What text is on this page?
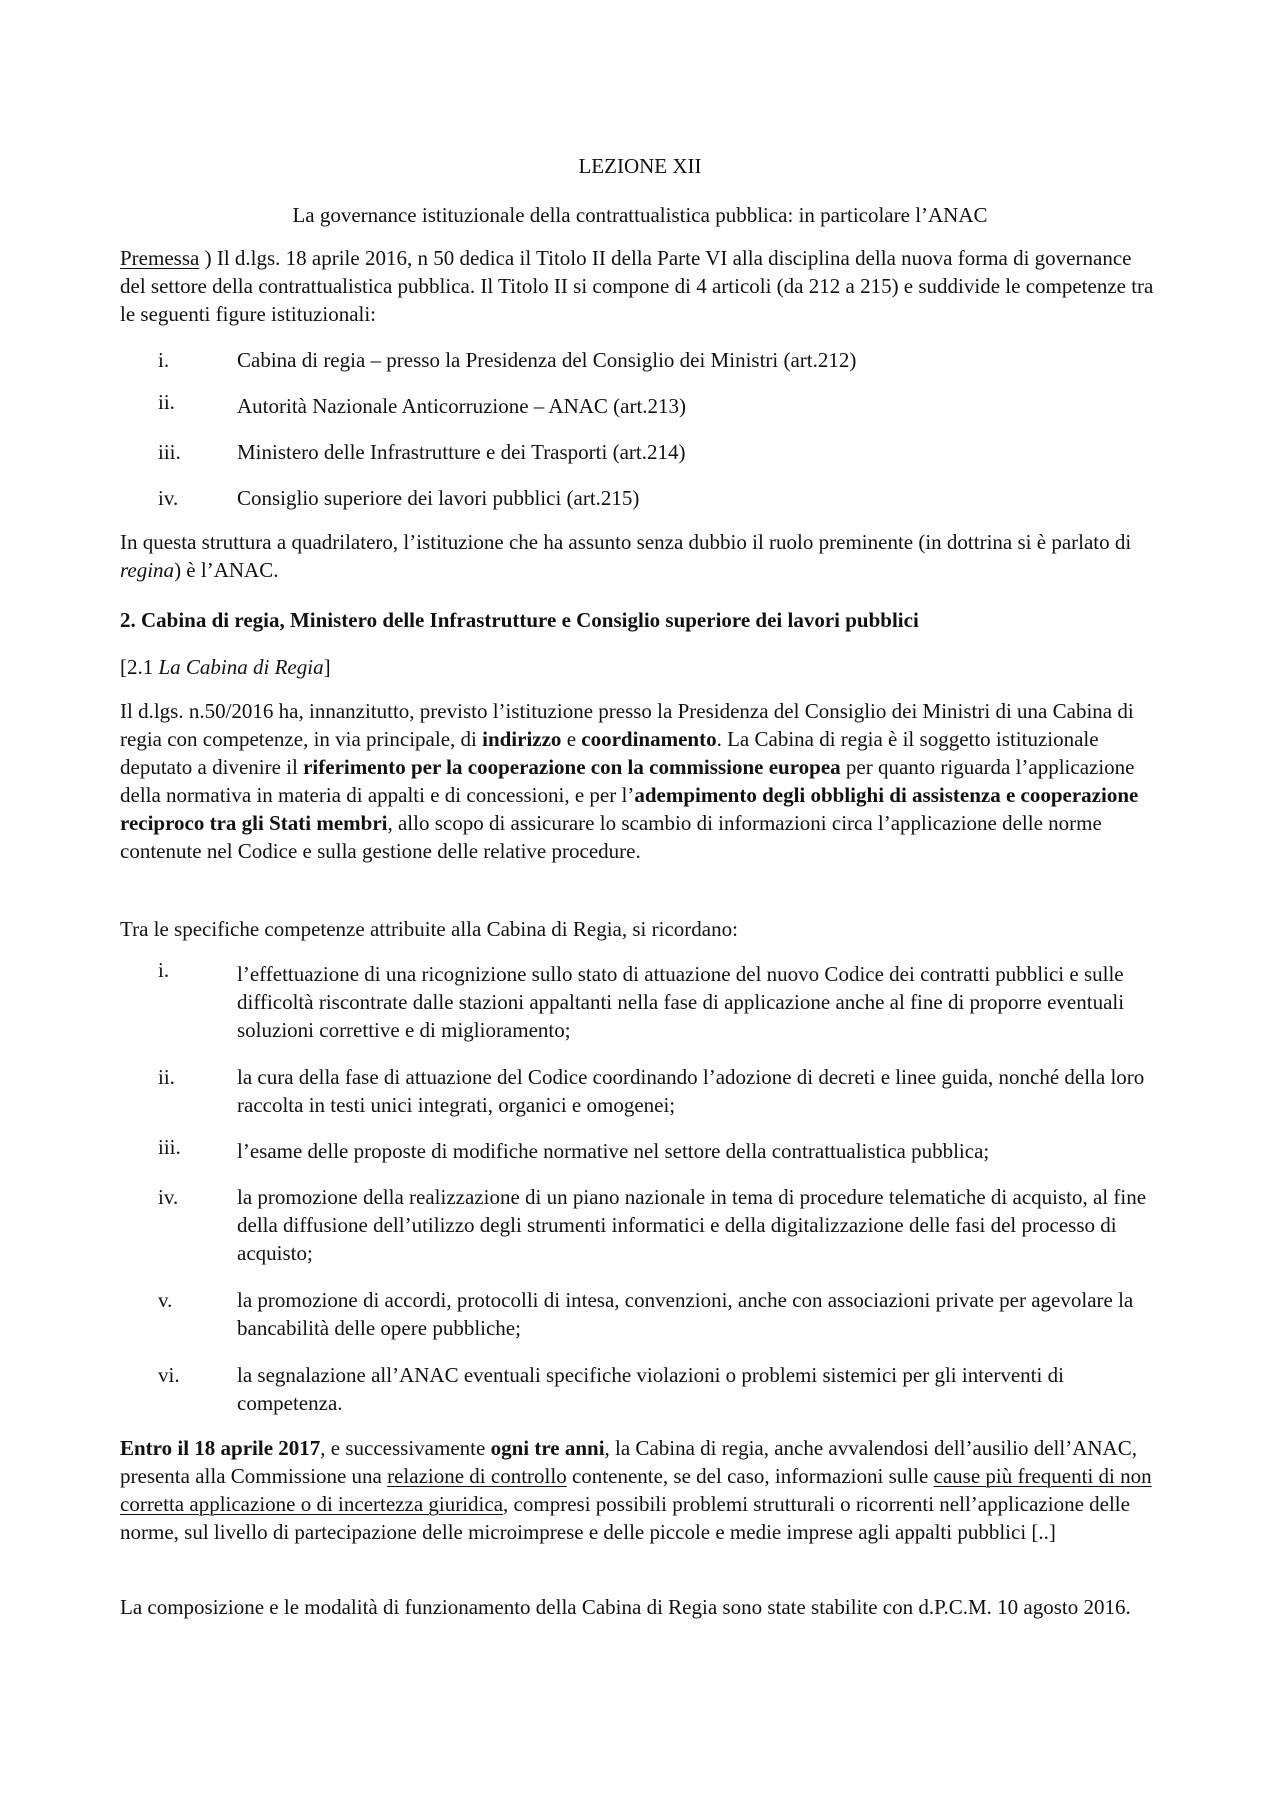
LEZIONE XII
La governance istituzionale della contrattualistica pubblica: in particolare l’ANAC

Premessa ) Il d.lgs. 18 aprile 2016, n 50 dedica il Titolo II della Parte VI alla disciplina della nuova forma di governance del settore della contrattualistica pubblica. Il Titolo II si compone di 4 articoli (da 212 a 215) e suddivide le competenze tra le seguenti figure istituzionali:

i.	Cabina di regia – presso la Presidenza del Consiglio dei Ministri (art.212)
ii.	Autorità Nazionale Anticorruzione – ANAC (art.213)
iii.	Ministero delle Infrastrutture e dei Trasporti (art.214)
iv.	Consiglio superiore dei lavori pubblici (art.215)

In questa struttura a quadrilatero, l’istituzione che ha assunto senza dubbio il ruolo preminente (in dottrina si è parlato di regina) è l’ANAC.

2. Cabina di regia, Ministero delle Infrastrutture e Consiglio superiore dei lavori pubblici

[2.1 La Cabina di Regia]

Il d.lgs. n.50/2016 ha, innanzitutto, previsto l’istituzione presso la Presidenza del Consiglio dei Ministri di una Cabina di regia con competenze, in via principale, di indirizzo e coordinamento. La Cabina di regia è il soggetto istituzionale deputato a divenire il riferimento per la cooperazione con la commissione europea per quanto riguarda l’applicazione della normativa in materia di appalti e di concessioni, e per l’adempimento degli obblighi di assistenza e cooperazione reciproco tra gli Stati membri, allo scopo di assicurare lo scambio di informazioni circa l’applicazione delle norme contenute nel Codice e sulla gestione delle relative procedure.

Tra le specifiche competenze attribuite alla Cabina di Regia, si ricordano:

i.	l’effettuazione di una ricognizione sullo stato di attuazione del nuovo Codice dei contratti pubblici e sulle difficoltà riscontrate dalle stazioni appaltanti nella fase di applicazione anche al fine di proporre eventuali soluzioni correttive e di miglioramento;
ii.	la cura della fase di attuazione del Codice coordinando l’adozione di decreti e linee guida, nonché della loro raccolta in testi unici integrati, organici e omogenei;
iii.	l’esame delle proposte di modifiche normative nel settore della contrattualistica pubblica;
iv.	la promozione della realizzazione di un piano nazionale in tema di procedure telematiche di acquisto, al fine della diffusione dell’utilizzo degli strumenti informatici e della digitalizzazione delle fasi del processo di acquisto;
v.	la promozione di accordi, protocolli di intesa, convenzioni, anche con associazioni private per agevolare la bancabilità delle opere pubbliche;
vi.	la segnalazione all’ANAC eventuali specifiche violazioni o problemi sistemici per gli interventi di competenza.

Entro il 18 aprile 2017, e successivamente ogni tre anni, la Cabina di regia, anche avvalendosi dell’ausilio dell’ANAC, presenta alla Commissione una relazione di controllo contenente, se del caso, informazioni sulle cause più frequenti di non corretta applicazione o di incertezza giuridica, compresi possibili problemi strutturali o ricorrenti nell’applicazione delle norme, sul livello di partecipazione delle microimprese e delle piccole e medie imprese agli appalti pubblici [..]

La composizione e le modalità di funzionamento della Cabina di Regia sono state stabilite con d.P.C.M. 10 agosto 2016.
